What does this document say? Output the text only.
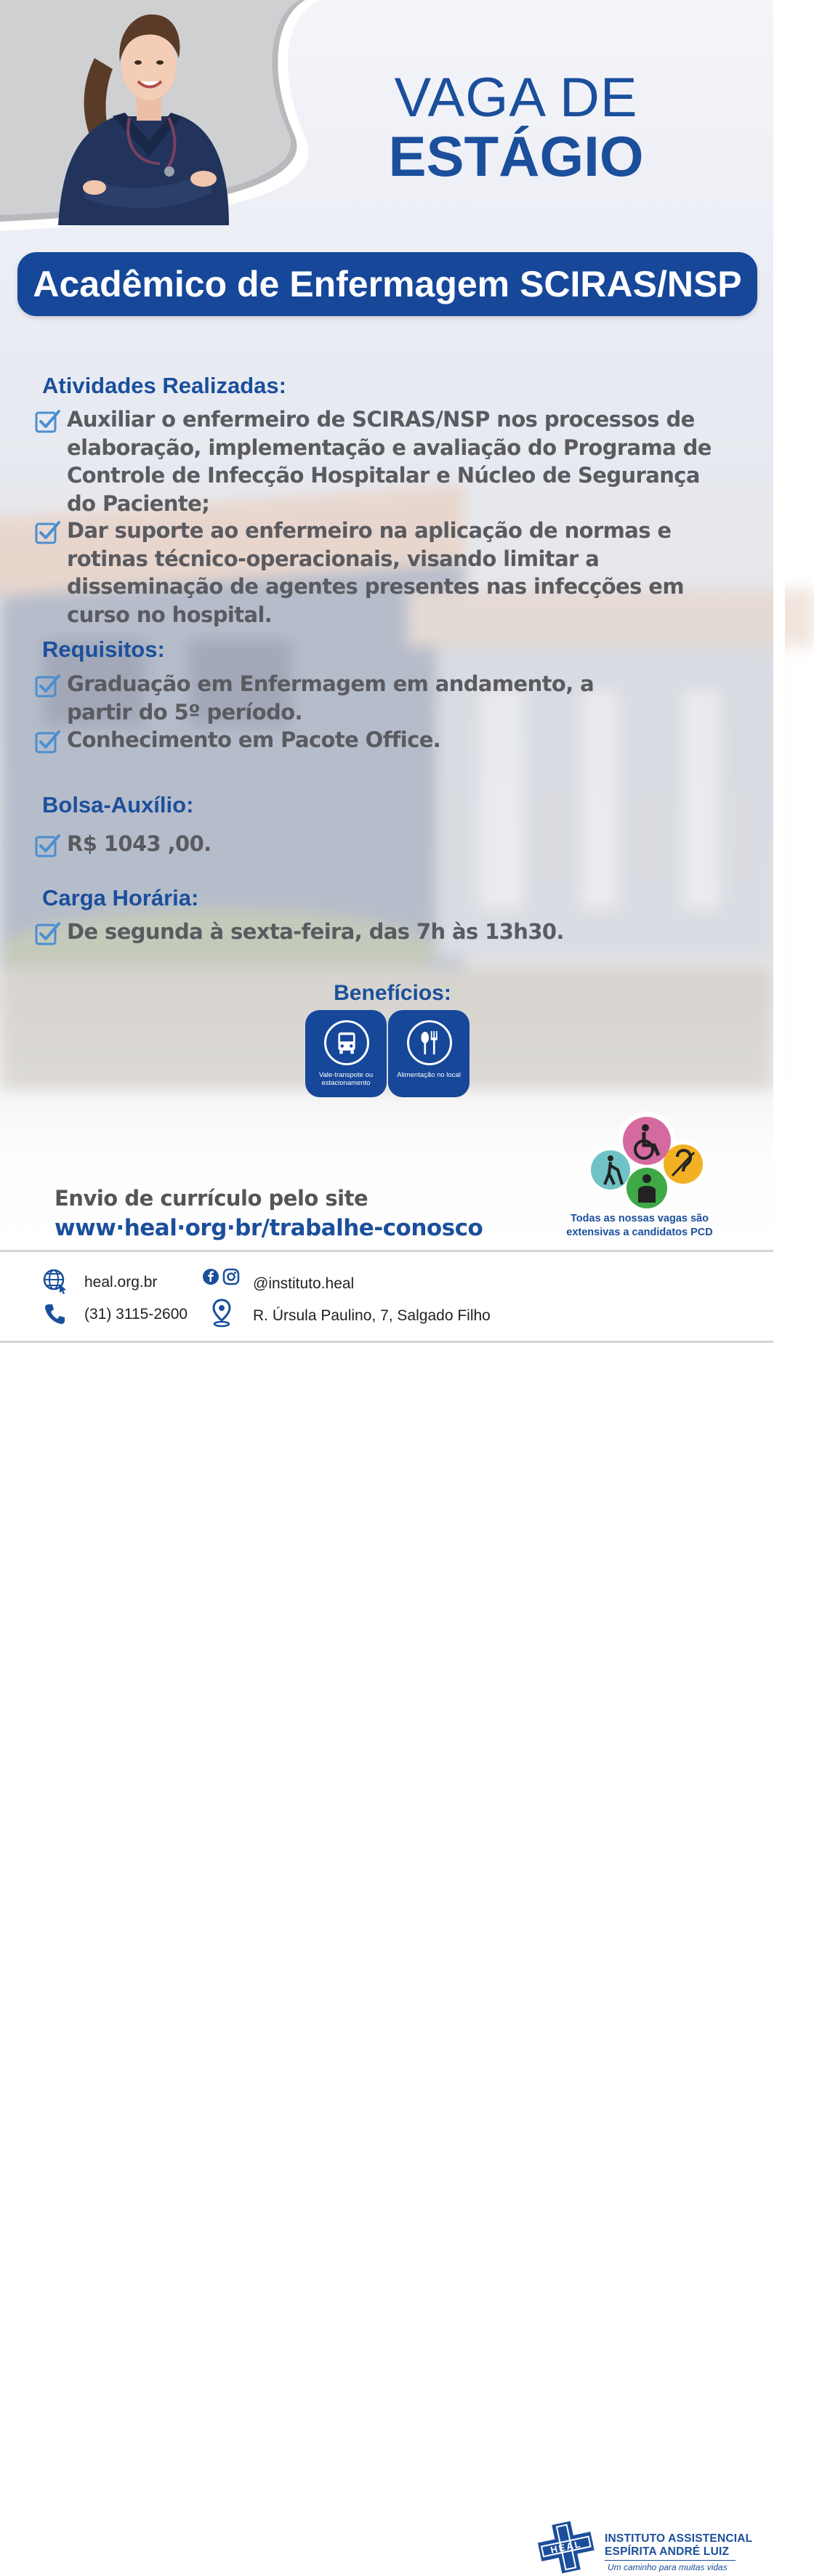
VAGA DE
ESTÁGIO
Acadêmico de Enfermagem SCIRAS/NSP
Atividades Realizadas:
Auxiliar o enfermeiro de SCIRAS/NSP nos processos de elaboração, implementação e avaliação do Programa de Controle de Infecção Hospitalar e Núcleo de Segurança do Paciente;
Dar suporte ao enfermeiro na aplicação de normas e rotinas técnico-operacionais, visando limitar a disseminação de agentes presentes nas infecções em curso no hospital.
Requisitos:
Graduação em Enfermagem em andamento, a partir do 5º período.
Conhecimento em Pacote Office.
Bolsa-Auxílio:
R$ 1043 ,00.
Carga Horária:
De segunda à sexta-feira, das 7h às 13h30.
Benefícios:
Vale-transpote ou estacionamento
Alimentação no local
Envio de currículo pelo site
www·heal·org·br/trabalhe-conosco	Todas as nossas vagas são extensivas a candidatos PCD
heal.org.br
(31) 3115-2600
@instituto.heal
R. Úrsula Paulino, 7, Salgado Filho
HEAL INSTITUTO ASSISTENCIAL
ESPÍRITA ANDRÉ LUIZ
Um caminho para muitas vidas
